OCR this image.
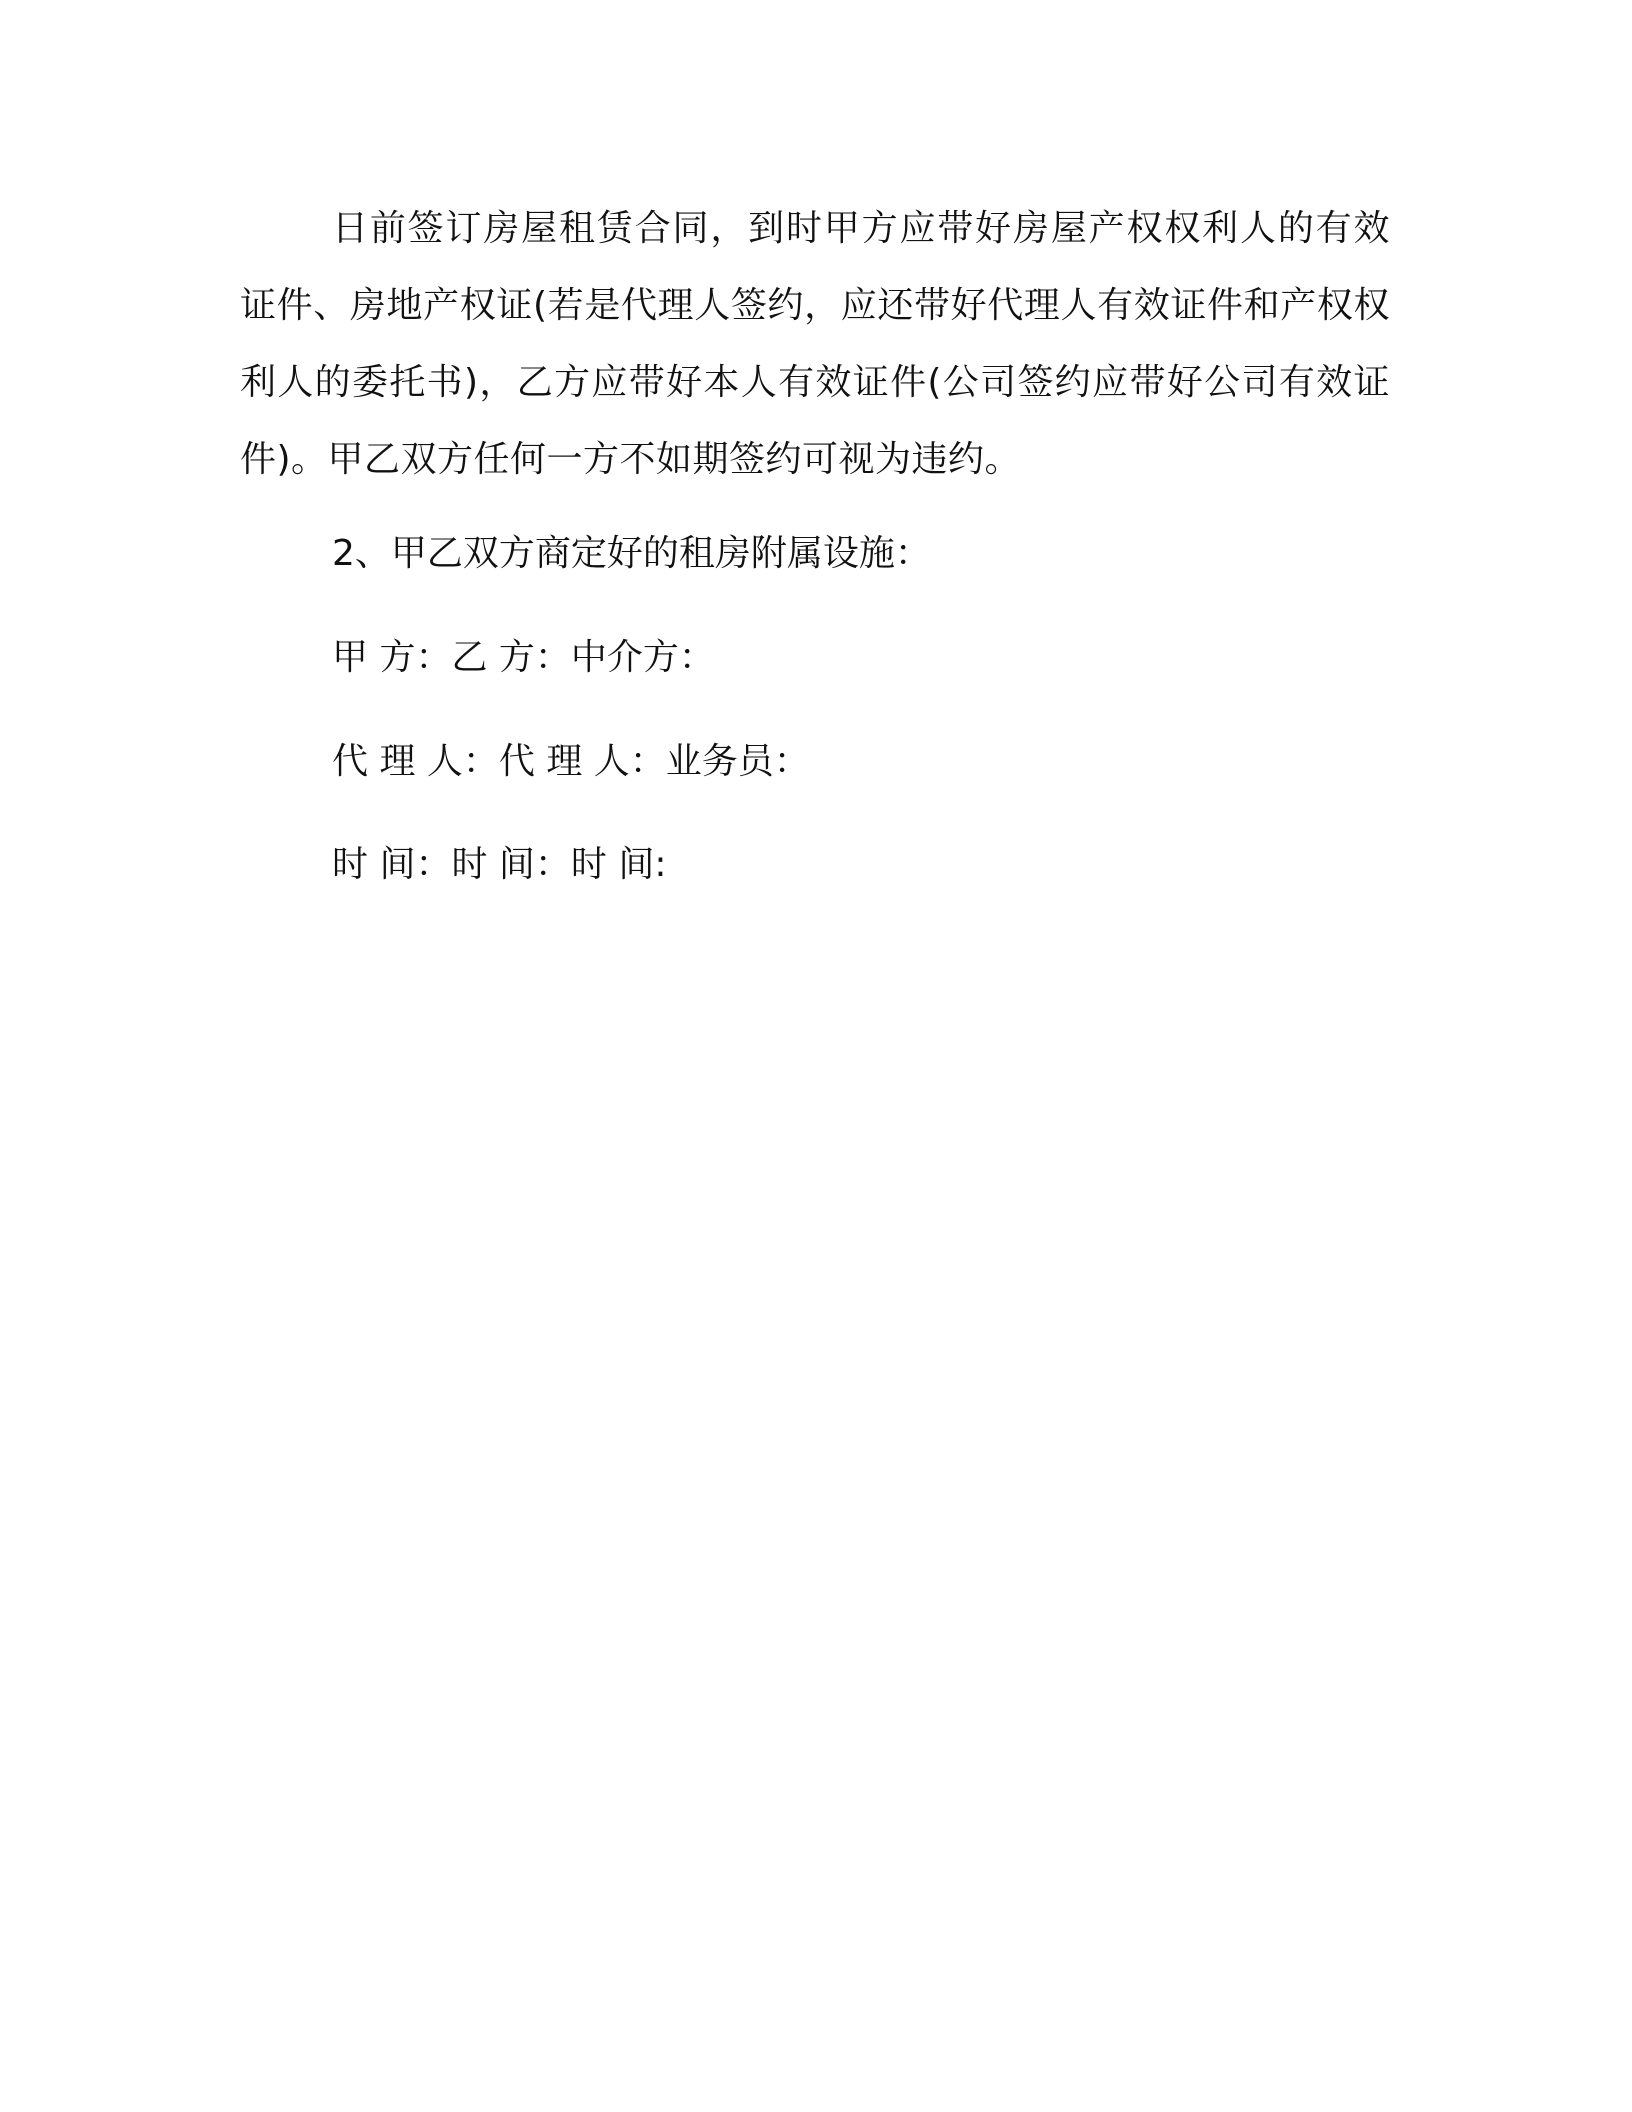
日前签订房屋租赁合同，到时甲方应带好房屋产权权利人的有效证件、房地产权证(若是代理人签约，应还带好代理人有效证件和产权权利人的委托书)，乙方应带好本人有效证件(公司签约应带好公司有效证件)。甲乙双方任何一方不如期签约可视为违约。

2、甲乙双方商定好的租房附属设施：

甲 方：乙 方：中介方：

代 理 人：代 理 人：业务员：

时 间：时 间：时 间:
